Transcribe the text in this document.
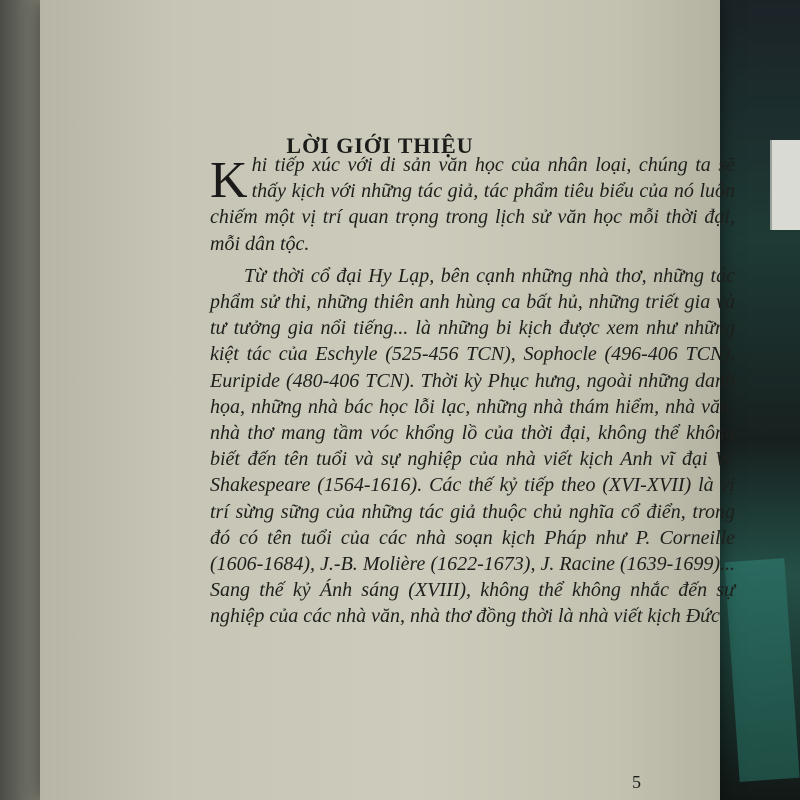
LỜI GIỚI THIỆU

Khi tiếp xúc với di sản văn học của nhân loại, chúng ta sẽ thấy kịch với những tác giả, tác phẩm tiêu biểu của nó luôn chiếm một vị trí quan trọng trong lịch sử văn học mỗi thời đại, mỗi dân tộc.

Từ thời cổ đại Hy Lạp, bên cạnh những nhà thơ, những tác phẩm sử thi, những thiên anh hùng ca bất hủ, những triết gia và tư tưởng gia nổi tiếng... là những bi kịch được xem như những kiệt tác của Eschyle (525-456 TCN), Sophocle (496-406 TCN), Euripide (480-406 TCN). Thời kỳ Phục hưng, ngoài những danh họa, những nhà bác học lỗi lạc, những nhà thám hiểm, nhà văn, nhà thơ mang tầm vóc khổng lồ của thời đại, không thể không biết đến tên tuổi và sự nghiệp của nhà viết kịch Anh vĩ đại W. Shakespeare (1564-1616). Các thế kỷ tiếp theo (XVI-XVII) là vị trí sừng sững của những tác giả thuộc chủ nghĩa cổ điển, trong đó có tên tuổi của các nhà soạn kịch Pháp như P. Corneille (1606-1684), J.-B. Molière (1622-1673), J. Racine (1639-1699)... Sang thế kỷ Ánh sáng (XVIII), không thể không nhắc đến sự nghiệp của các nhà văn, nhà thơ đồng thời là nhà viết kịch Đức

5
